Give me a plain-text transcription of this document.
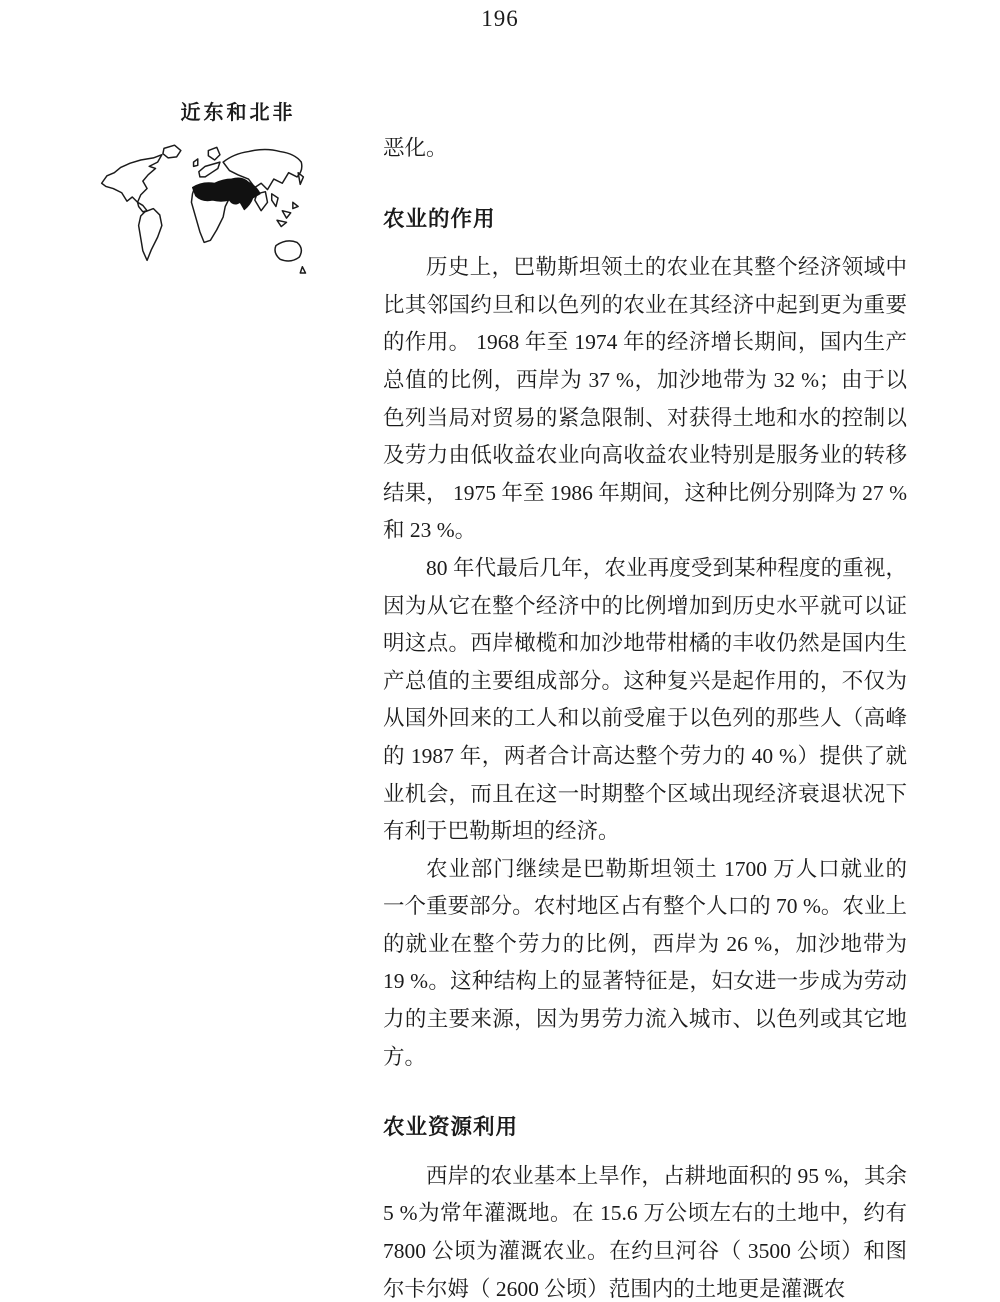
196
近东和北非

恶化。

农业的作用

历史上，巴勒斯坦领土的农业在其整个经济领域中比其邻国约旦和以色列的农业在其经济中起到更为重要的作用。 1968 年至 1974 年的经济增长期间，国内生产总值的比例，西岸为 37 %，加沙地带为 32 %；由于以色列当局对贸易的紧急限制、对获得土地和水的控制以及劳力由低收益农业向高收益农业特别是服务业的转移结果， 1975 年至 1986 年期间，这种比例分别降为 27 %和 23 %。

80 年代最后几年，农业再度受到某种程度的重视，因为从它在整个经济中的比例增加到历史水平就可以证明这点。西岸橄榄和加沙地带柑橘的丰收仍然是国内生产总值的主要组成部分。这种复兴是起作用的，不仅为从国外回来的工人和以前受雇于以色列的那些人（高峰的 1987 年，两者合计高达整个劳力的 40 %）提供了就业机会，而且在这一时期整个区域出现经济衰退状况下有利于巴勒斯坦的经济。

农业部门继续是巴勒斯坦领土 1700 万人口就业的一个重要部分。农村地区占有整个人口的 70 %。农业上的就业在整个劳力的比例，西岸为 26 %，加沙地带为 19 %。这种结构上的显著特征是，妇女进一步成为劳动力的主要来源，因为男劳力流入城市、以色列或其它地方。

农业资源利用

西岸的农业基本上旱作，占耕地面积的 95 %，其余 5 %为常年灌溉地。在 15.6 万公顷左右的土地中，约有 7800 公顷为灌溉农业。在约旦河谷（ 3500 公顷）和图尔卡尔姆（ 2600 公顷）范围内的土地更是灌溉农
